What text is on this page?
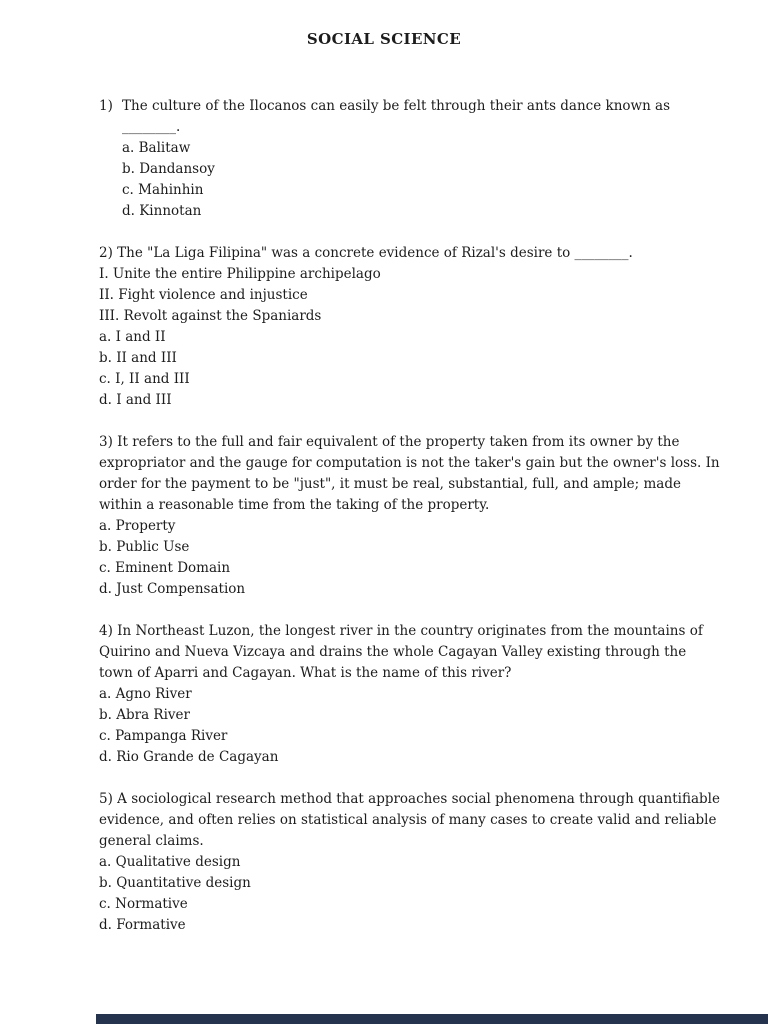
SOCIAL SCIENCE
1) The culture of the Ilocanos can easily be felt through their ants dance known as

________.

a. Balitaw

b. Dandansoy

c. Mahinhin

d. Kinnotan

2) The "La Liga Filipina" was a concrete evidence of Rizal's desire to ________.

I. Unite the entire Philippine archipelago

II. Fight violence and injustice

III. Revolt against the Spaniards

a. I and II

b. II and III

c. I, II and III

d. I and III

3) It refers to the full and fair equivalent of the property taken from its owner by the expropriator and the gauge for computation is not the taker's gain but the owner's loss. In order for the payment to be "just", it must be real, substantial, full, and ample; made within a reasonable time from the taking of the property.

a. Property

b. Public Use

c. Eminent Domain

d. Just Compensation

4) In Northeast Luzon, the longest river in the country originates from the mountains of Quirino and Nueva Vizcaya and drains the whole Cagayan Valley existing through the town of Aparri and Cagayan. What is the name of this river?

a. Agno River

b. Abra River

c. Pampanga River

d. Rio Grande de Cagayan

5) A sociological research method that approaches social phenomena through quantifiable evidence, and often relies on statistical analysis of many cases to create valid and reliable general claims.

a. Qualitative design

b. Quantitative design

c. Normative

d. Formative
